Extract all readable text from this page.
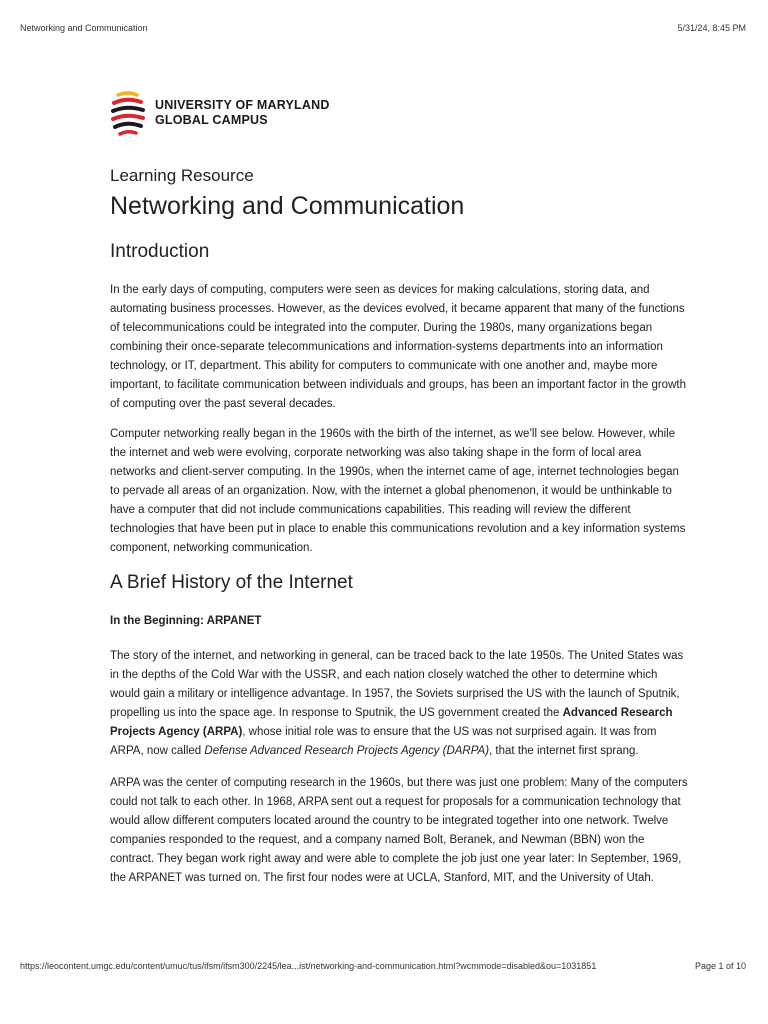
Networking and Communication	5/31/24, 8:45 PM
UNIVERSITY OF MARYLAND
GLOBAL CAMPUS
Learning Resource
Networking and Communication
Introduction

In the early days of computing, computers were seen as devices for making calculations, storing data, and automating business processes. However, as the devices evolved, it became apparent that many of the functions of telecommunications could be integrated into the computer. During the 1980s, many organizations began combining their once-separate telecommunications and information-systems departments into an information technology, or IT, department. This ability for computers to communicate with one another and, maybe more important, to facilitate communication between individuals and groups, has been an important factor in the growth of computing over the past several decades.

Computer networking really began in the 1960s with the birth of the internet, as we’ll see below. However, while the internet and web were evolving, corporate networking was also taking shape in the form of local area networks and client-server computing. In the 1990s, when the internet came of age, internet technologies began to pervade all areas of an organization. Now, with the internet a global phenomenon, it would be unthinkable to have a computer that did not include communications capabilities. This reading will review the different technologies that have been put in place to enable this communications revolution and a key information systems component, networking communication.

A Brief History of the Internet
In the Beginning: ARPANET

The story of the internet, and networking in general, can be traced back to the late 1950s. The United States was in the depths of the Cold War with the USSR, and each nation closely watched the other to determine which would gain a military or intelligence advantage. In 1957, the Soviets surprised the US with the launch of Sputnik, propelling us into the space age. In response to Sputnik, the US government created the Advanced Research Projects Agency (ARPA), whose initial role was to ensure that the US was not surprised again. It was from ARPA, now called Defense Advanced Research Projects Agency (DARPA), that the internet first sprang.

ARPA was the center of computing research in the 1960s, but there was just one problem: Many of the computers could not talk to each other. In 1968, ARPA sent out a request for proposals for a communication technology that would allow different computers located around the country to be integrated together into one network. Twelve companies responded to the request, and a company named Bolt, Beranek, and Newman (BBN) won the contract. They began work right away and were able to complete the job just one year later: In September, 1969, the ARPANET was turned on. The first four nodes were at UCLA, Stanford, MIT, and the University of Utah.

https://leocontent.umgc.edu/content/umuc/tus/ifsm/ifsm300/2245/lea...ist/networking-and-communication.html?wcmmode=disabled&ou=1031851	Page 1 of 10
